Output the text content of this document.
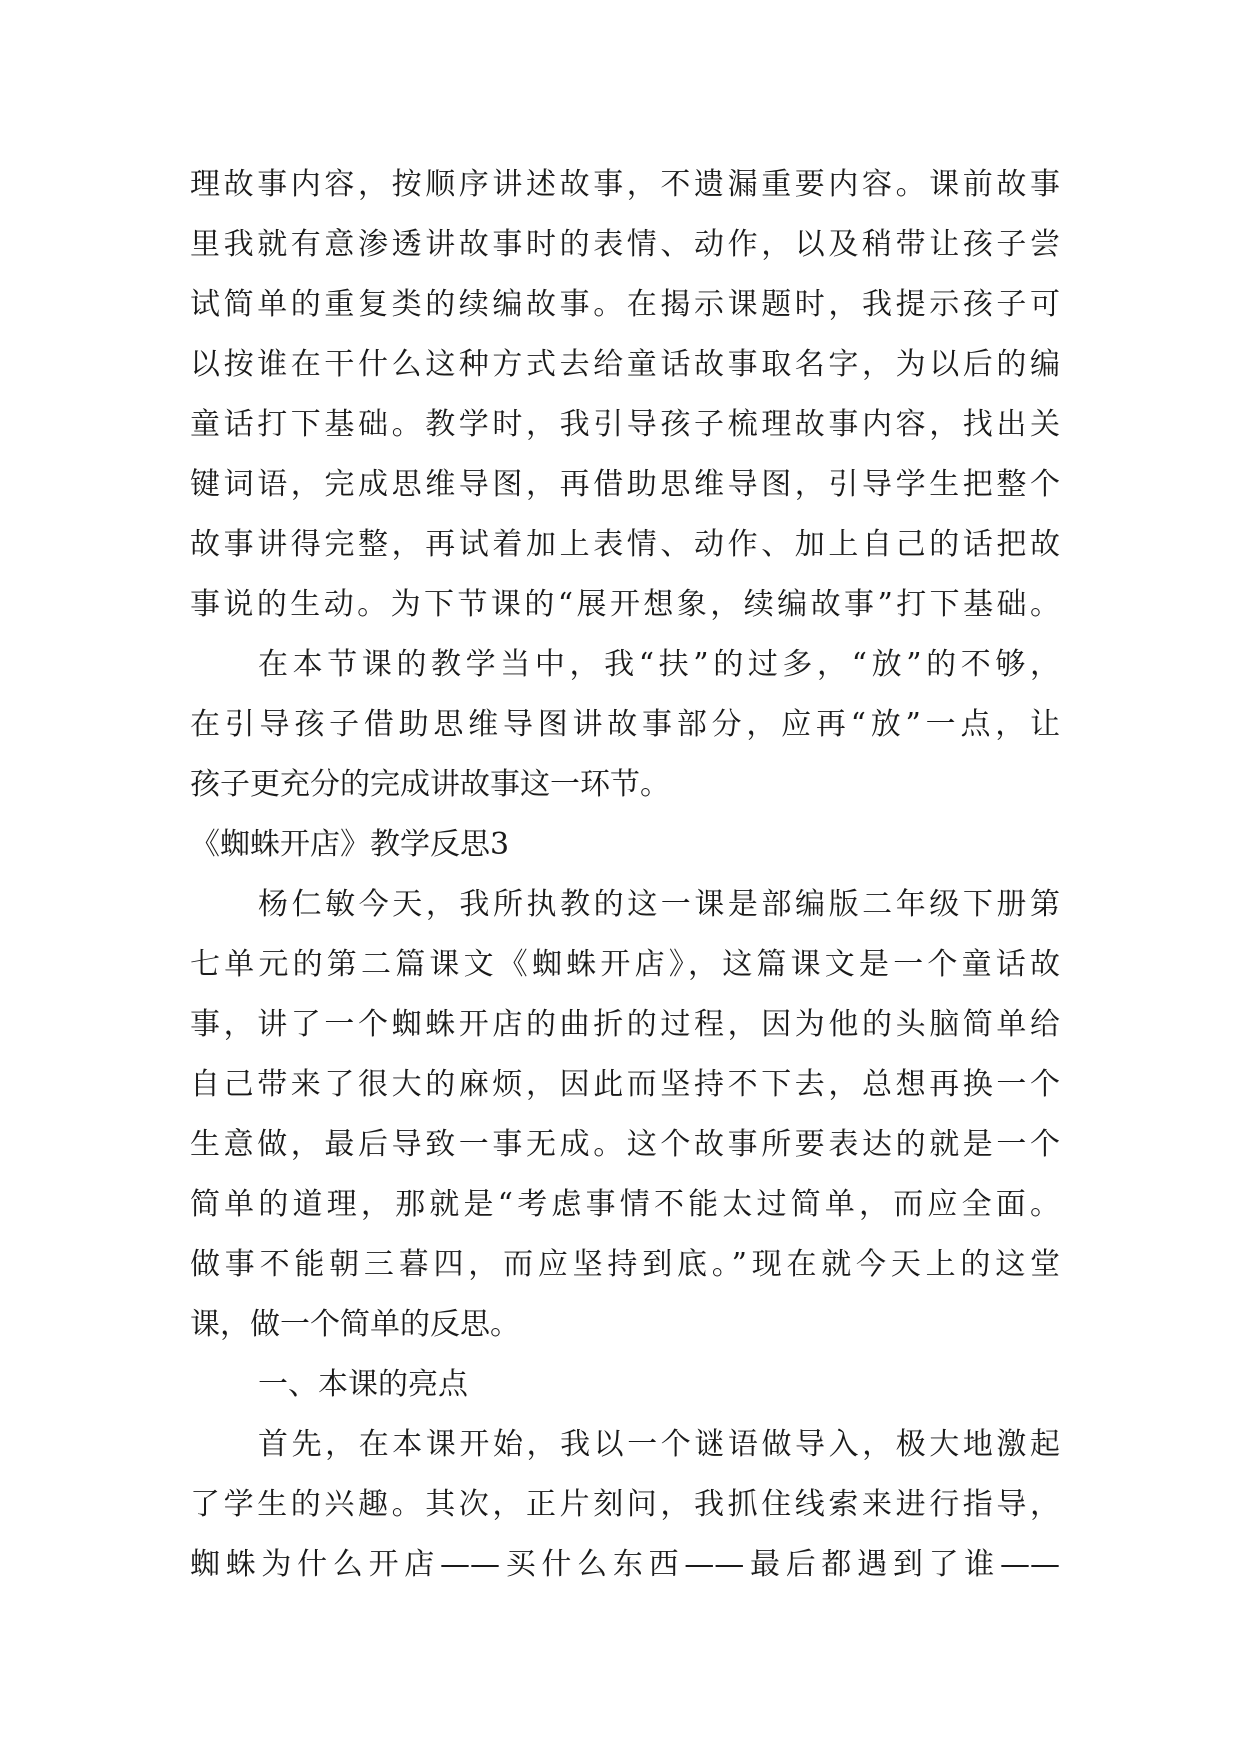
理故事内容，按顺序讲述故事，不遗漏重要内容。课前故事
里我就有意渗透讲故事时的表情、动作，以及稍带让孩子尝
试简单的重复类的续编故事。在揭示课题时，我提示孩子可
以按谁在干什么这种方式去给童话故事取名字，为以后的编
童话打下基础。教学时，我引导孩子梳理故事内容，找出关
键词语，完成思维导图，再借助思维导图，引导学生把整个
故事讲得完整，再试着加上表情、动作、加上自己的话把故
事说的生动。为下节课的“展开想象，续编故事”打下基础。
在本节课的教学当中，我“扶”的过多，“放”的不够，
在引导孩子借助思维导图讲故事部分，应再“放”一点，让
孩子更充分的完成讲故事这一环节。
《蜘蛛开店》教学反思3
杨仁敏今天，我所执教的这一课是部编版二年级下册第
七单元的第二篇课文《蜘蛛开店》，这篇课文是一个童话故
事，讲了一个蜘蛛开店的曲折的过程，因为他的头脑简单给
自己带来了很大的麻烦，因此而坚持不下去，总想再换一个
生意做，最后导致一事无成。这个故事所要表达的就是一个
简单的道理，那就是“考虑事情不能太过简单，而应全面。
做事不能朝三暮四，而应坚持到底。”现在就今天上的这堂
课，做一个简单的反思。
一、本课的亮点
首先，在本课开始，我以一个谜语做导入，极大地激起
了学生的兴趣。其次，正片刻问，我抓住线索来进行指导，
蜘蛛为什么开店——买什么东西——最后都遇到了谁——
